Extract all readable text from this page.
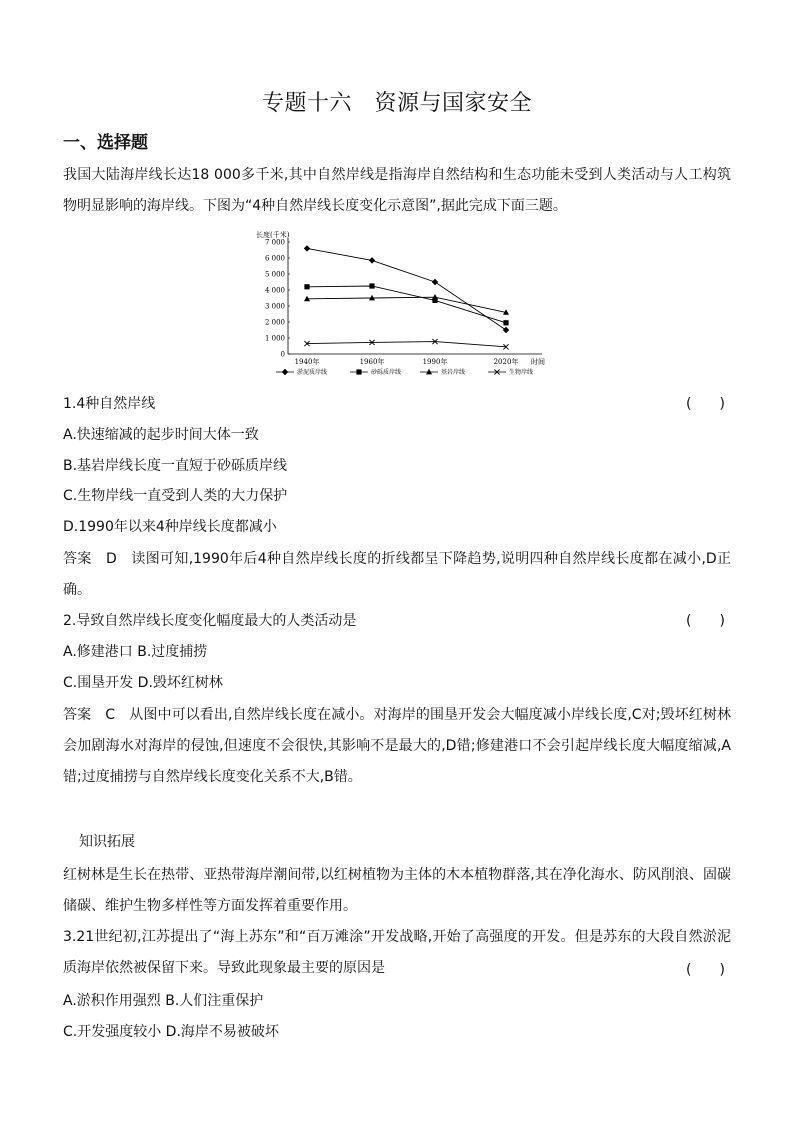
专题十六　资源与国家安全
一、选择题
我国大陆海岸线长达18 000多千米,其中自然岸线是指海岸自然结构和生态功能未受到人类活动与人工构筑物明显影响的海岸线。下图为“4种自然岸线长度变化示意图”,据此完成下面三题。
长度(千米)
0
1 000
2 000
3 000
4 000
5 000
6 000
7 000
1940年	1960年	1990年	2020年 时间
淤泥质岸线	砂砾质岸线	基岩岸线	生物岸线
1.4种自然岸线	(　　)
A.快速缩减的起步时间大体一致
B.基岩岸线长度一直短于砂砾质岸线
C.生物岸线一直受到人类的大力保护
D.1990年以来4种岸线长度都减小
答案　D　读图可知,1990年后4种自然岸线长度的折线都呈下降趋势,说明四种自然岸线长度都在减小,D正确。
2.导致自然岸线长度变化幅度最大的人类活动是	(　　)
A.修建港口 B.过度捕捞
C.围垦开发 D.毁坏红树林
答案　C　从图中可以看出,自然岸线长度在减小。对海岸的围垦开发会大幅度减小岸线长度,C对;毁坏红树林会加剧海水对海岸的侵蚀,但速度不会很快,其影响不是最大的,D错;修建港口不会引起岸线长度大幅度缩减,A错;过度捕捞与自然岸线长度变化关系不大,B错。
知识拓展
红树林是生长在热带、亚热带海岸潮间带,以红树植物为主体的木本植物群落,其在净化海水、防风削浪、固碳储碳、维护生物多样性等方面发挥着重要作用。
3.21世纪初,江苏提出了“海上苏东”和“百万滩涂”开发战略,开始了高强度的开发。但是苏东的大段自然淤泥质海岸依然被保留下来。导致此现象最主要的原因是	(　　)
A.淤积作用强烈 B.人们注重保护
C.开发强度较小 D.海岸不易被破坏
